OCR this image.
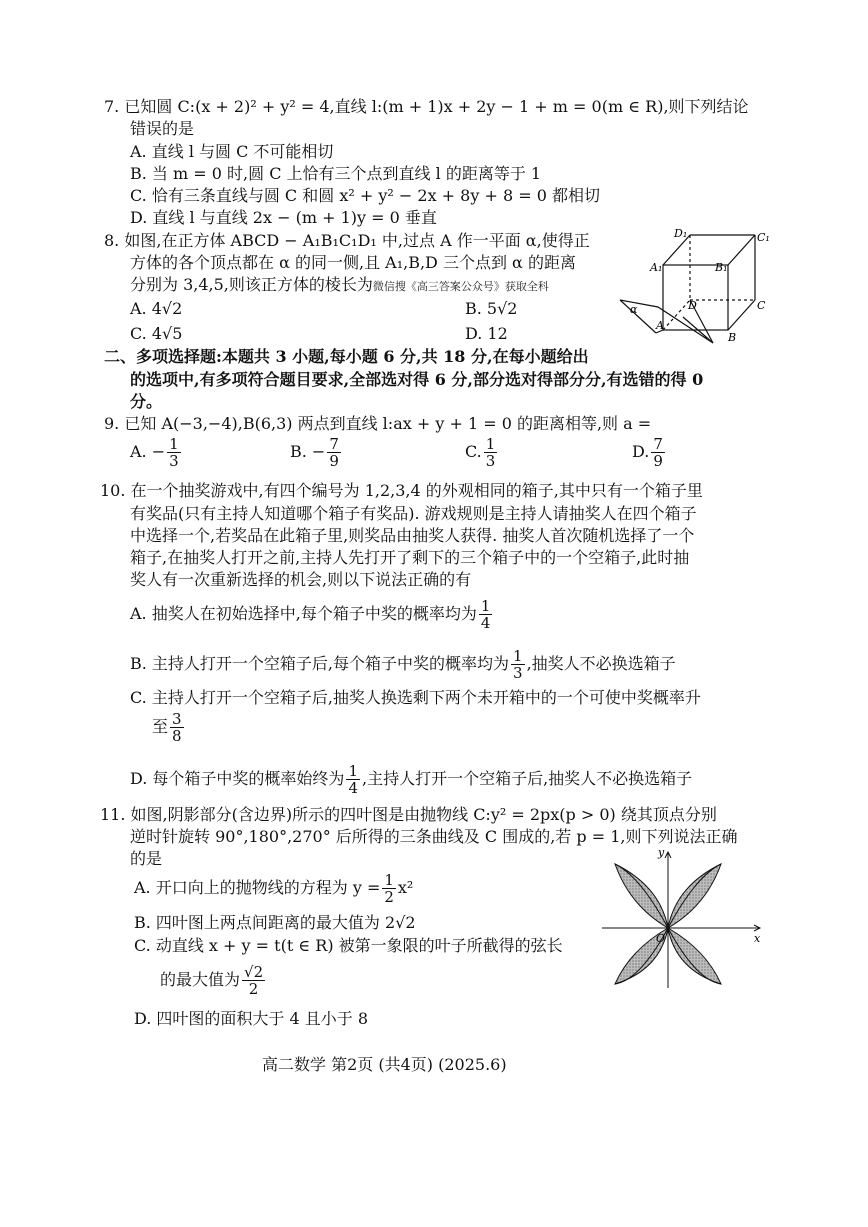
7. 已知圆 C:(x + 2)² + y² = 4,直线 l:(m + 1)x + 2y − 1 + m = 0(m ∈ R),则下列结论
错误的是
A. 直线 l 与圆 C 不可能相切
B. 当 m = 0 时,圆 C 上恰有三个点到直线 l 的距离等于 1
C. 恰有三条直线与圆 C 和圆 x² + y² − 2x + 8y + 8 = 0 都相切
D. 直线 l 与直线 2x − (m + 1)y = 0 垂直
8. 如图,在正方体 ABCD − A₁B₁C₁D₁ 中,过点 A 作一平面 α,使得正
方体的各个顶点都在 α 的同一侧,且 A₁,B,D 三个点到 α 的距离
分别为 3,4,5,则该正方体的棱长为微信搜《高三答案公众号》获取全科
A. 4√2	B. 5√2
C. 4√5	D. 12
D₁	C₁
A₁	B₁
D	C
A
B
α
二、多项选择题:本题共 3 小题,每小题 6 分,共 18 分,在每小题给出
的选项中,有多项符合题目要求,全部选对得 6 分,部分选对得部分分,有选错的得 0
分。
9. 已知 A(−3,−4),B(6,3) 两点到直线 l:ax + y + 1 = 0 的距离相等,则 a =
A. − $\frac{1}{3}$	B. − $\frac{7}{9}$	C. $\frac{1}{3}$	D. $\frac{7}{9}$
10. 在一个抽奖游戏中,有四个编号为 1,2,3,4 的外观相同的箱子,其中只有一个箱子里
有奖品(只有主持人知道哪个箱子有奖品). 游戏规则是主持人请抽奖人在四个箱子
中选择一个,若奖品在此箱子里,则奖品由抽奖人获得. 抽奖人首次随机选择了一个
箱子,在抽奖人打开之前,主持人先打开了剩下的三个箱子中的一个空箱子,此时抽
奖人有一次重新选择的机会,则以下说法正确的有
A. 抽奖人在初始选择中,每个箱子中奖的概率均为 $\frac{1}{4}$
B. 主持人打开一个空箱子后,每个箱子中奖的概率均为 $\frac{1}{3}$ ,抽奖人不必换选箱子
C. 主持人打开一个空箱子后,抽奖人换选剩下两个未开箱中的一个可使中奖概率升
至 $\frac{3}{8}$
D. 每个箱子中奖的概率始终为 $\frac{1}{4}$ ,主持人打开一个空箱子后,抽奖人不必换选箱子
11. 如图,阴影部分(含边界)所示的四叶图是由抛物线 C:y² = 2px(p > 0) 绕其顶点分别
逆时针旋转 90°,180°,270° 后所得的三条曲线及 C 围成的,若 p = 1,则下列说法正确
的是
A. 开口向上的抛物线的方程为 $y = \frac{1}{2} x^2$
B. 四叶图上两点间距离的最大值为 2√2
C. 动直线 x + y = t(t ∈ R) 被第一象限的叶子所截得的弦长
的最大值为 $\frac{√2}{2}$
D. 四叶图的面积大于 4 且小于 8
y
x
O
高二数学 第2页 (共4页) (2025.6)
